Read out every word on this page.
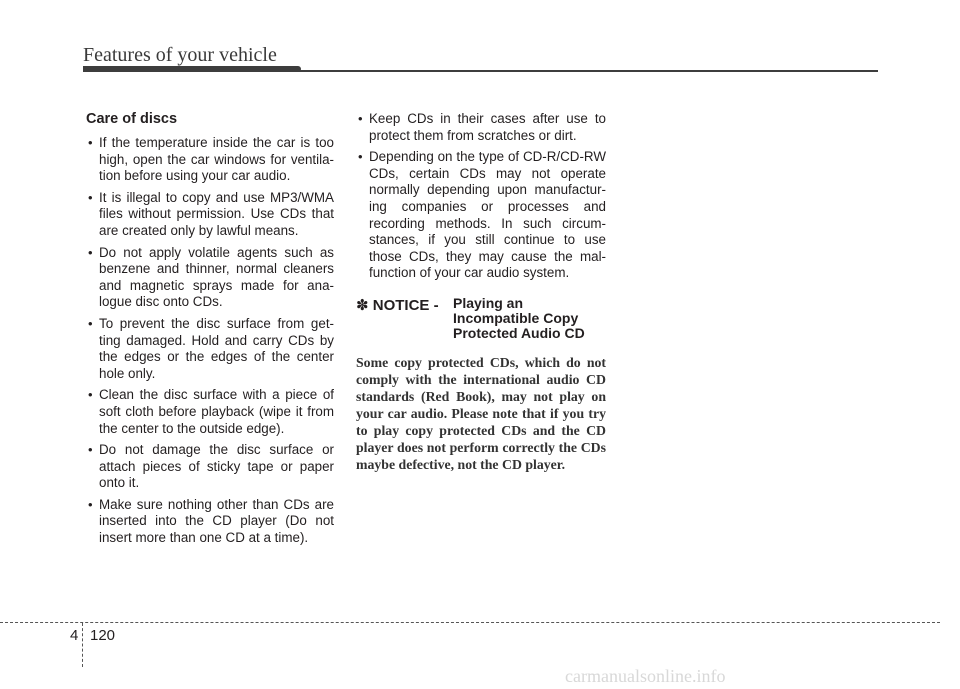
Features of your vehicle
Care of discs
• If the temperature inside the car is too high, open the car windows for ventila-tion before using your car audio.
• It is illegal to copy and use MP3/WMA files without permission. Use CDs that are created only by lawful means.
• Do not apply volatile agents such as benzene and thinner, normal cleaners and magnetic sprays made for ana-logue disc onto CDs.
• To prevent the disc surface from get-ting damaged. Hold and carry CDs by the edges or the edges of the center hole only.
• Clean the disc surface with a piece of soft cloth before playback (wipe it from the center to the outside edge).
• Do not damage the disc surface or attach pieces of sticky tape or paper onto it.
• Make sure nothing other than CDs are inserted into the CD player (Do not insert more than one CD at a time).
• Keep CDs in their cases after use to protect them from scratches or dirt.
• Depending on the type of CD-R/CD-RW CDs, certain CDs may not operate normally depending upon manufactur-ing companies or processes and recording methods. In such circum-stances, if you still continue to use those CDs, they may cause the mal-function of your car audio system.
✽ NOTICE - Playing an
Incompatible Copy
Protected Audio CD
Some copy protected CDs, which do not comply with the international audio CD standards (Red Book), may not play on your car audio. Please note that if you try to play copy protected CDs and the CD player does not perform correctly the CDs maybe defective, not the CD player.
4 120
carmanualsonline.info
